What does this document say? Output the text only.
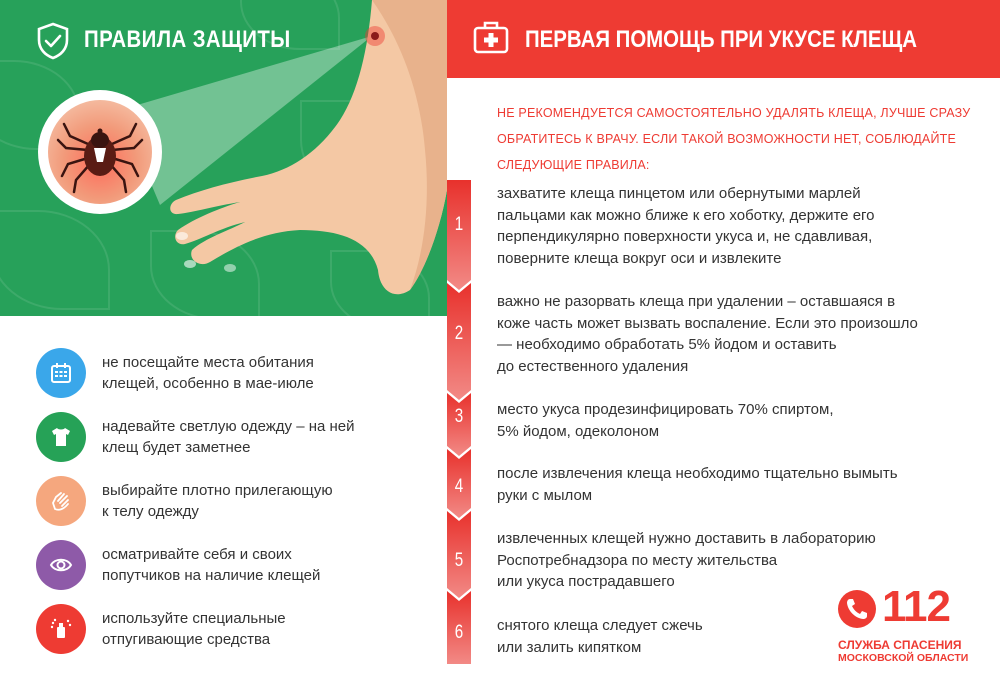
ПРАВИЛА ЗАЩИТЫ
не посещайте места обитания
клещей, особенно в мае-июле
надевайте светлую одежду – на ней
клещ будет заметнее
выбирайте плотно прилегающую
к телу одежду
осматривайте себя и своих
попутчиков на наличие клещей
используйте специальные
отпугивающие средства
ПЕРВАЯ ПОМОЩЬ ПРИ УКУСЕ КЛЕЩА
НЕ РЕКОМЕНДУЕТСЯ САМОСТОЯТЕЛЬНО УДАЛЯТЬ КЛЕЩА, ЛУЧШЕ СРАЗУ
ОБРАТИТЕСЬ К ВРАЧУ. ЕСЛИ ТАКОЙ ВОЗМОЖНОСТИ НЕТ, СОБЛЮДАЙТЕ
СЛЕДУЮЩИЕ ПРАВИЛА:
1
2
3
4
5
6
захватите клеща пинцетом или обернутыми марлей
пальцами как можно ближе к его хоботку, держите его
перпендикулярно поверхности укуса и, не сдавливая,
поверните клеща вокруг оси и извлеките
важно не разорвать клеща при удалении – оставшаяся в
коже часть может вызвать воспаление. Если это произошло
— необходимо обработать 5% йодом и оставить
до естественного удаления
место укуса продезинфицировать 70% спиртом,
5% йодом, одеколоном
после извлечения клеща необходимо тщательно вымыть
руки с мылом
извлеченных клещей нужно доставить в лабораторию
Роспотребнадзора по месту жительства
или укуса пострадавшего
снятого клеща следует сжечь
или залить кипятком
112
СЛУЖБА СПАСЕНИЯ
МОСКОВСКОЙ ОБЛАСТИ
